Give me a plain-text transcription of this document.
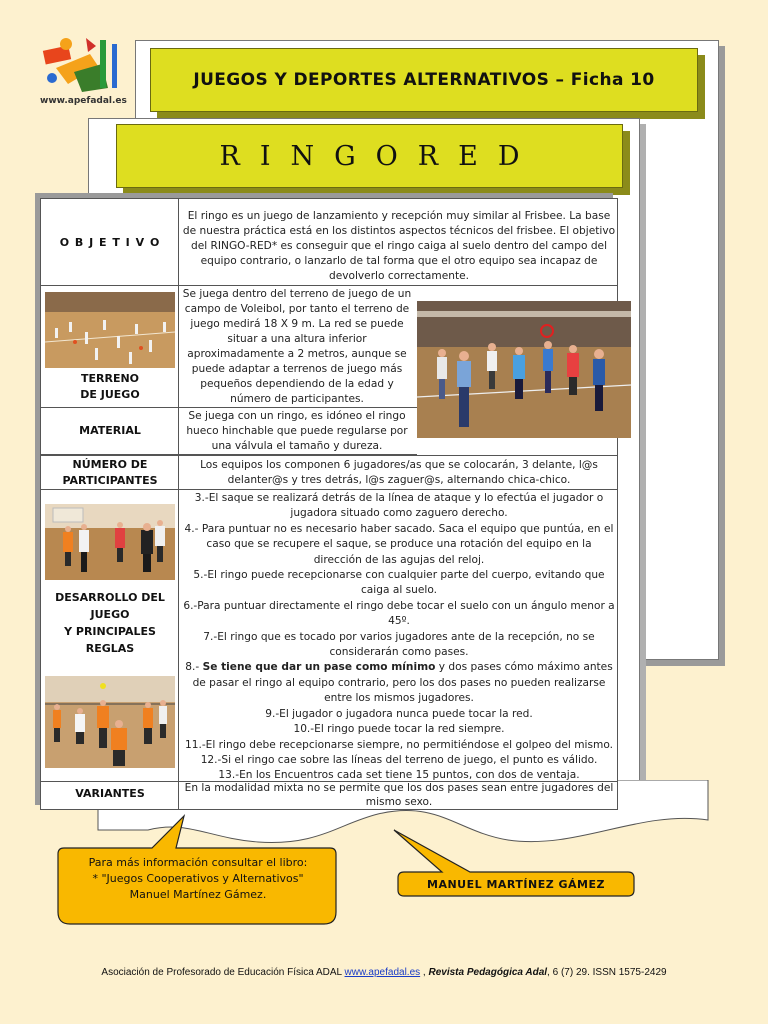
www.apefadal.es
JUEGOS Y DEPORTES ALTERNATIVOS – Ficha 10
RINGORED
O B J E T I V O
El ringo es un juego de lanzamiento y recepción muy similar al Frisbee. La base de nuestra práctica está en los distintos aspectos técnicos del frisbee. El objetivo del RINGO-RED* es conseguir que el ringo caiga al suelo dentro del campo del equipo contrario, o lanzarlo de tal forma que el otro equipo sea incapaz de devolverlo correctamente.
TERRENO
DE JUEGO
Se juega dentro del terreno de juego de un campo de Voleibol, por tanto el terreno de juego medirá 18 X 9 m. La red se puede situar a una altura inferior aproximadamente a 2 metros, aunque se puede adaptar a terrenos de juego más pequeños dependiendo de la edad y número de participantes.
MATERIAL
Se juega con un ringo, es idóneo el ringo hueco hinchable que puede regularse por una válvula el tamaño y dureza.
NÚMERO DE
PARTICIPANTES
Los equipos los componen 6 jugadores/as que se colocarán, 3 delante, l@s delanter@s y tres detrás, l@s zaguer@s, alternando chica-chico.
DESARROLLO DEL
JUEGO
Y PRINCIPALES
REGLAS
3.-El saque se realizará detrás de la línea de ataque y lo efectúa el jugador o jugadora situado como zaguero derecho.
4.- Para puntuar no es necesario haber sacado. Saca el equipo que puntúa, en el caso que se recupere el saque, se produce una rotación del equipo en la dirección de las agujas del reloj.
5.-El ringo puede recepcionarse con cualquier parte del cuerpo, evitando que caiga al suelo.
6.-Para puntuar directamente el ringo debe tocar el suelo con un ángulo menor a 45º.
7.-El ringo que es tocado por varios jugadores ante de la recepción, no se considerarán como pases.
8.- Se tiene que dar un pase como mínimo y dos pases cómo máximo antes de pasar el ringo al equipo contrario, pero los dos pases no pueden realizarse entre los mismos jugadores.
9.-El jugador o jugadora nunca puede tocar la red.
10.-El ringo puede tocar la red siempre.
11.-El ringo debe recepcionarse siempre, no permitiéndose el golpeo del mismo.
12.-Si el ringo cae sobre las líneas del terreno de juego, el punto es válido.
13.-En los Encuentros cada set tiene 15 puntos, con dos de ventaja.
VARIANTES	En la modalidad mixta no se permite que los dos pases sean entre jugadores del mismo sexo.
Para más información consultar el libro:
* "Juegos Cooperativos y Alternativos"
Manuel Martínez Gámez.
MANUEL MARTÍNEZ GÁMEZ
Asociación de Profesorado de Educación Física ADAL www.apefadal.es , Revista Pedagógica Adal, 6 (7) 29. ISSN 1575-2429
